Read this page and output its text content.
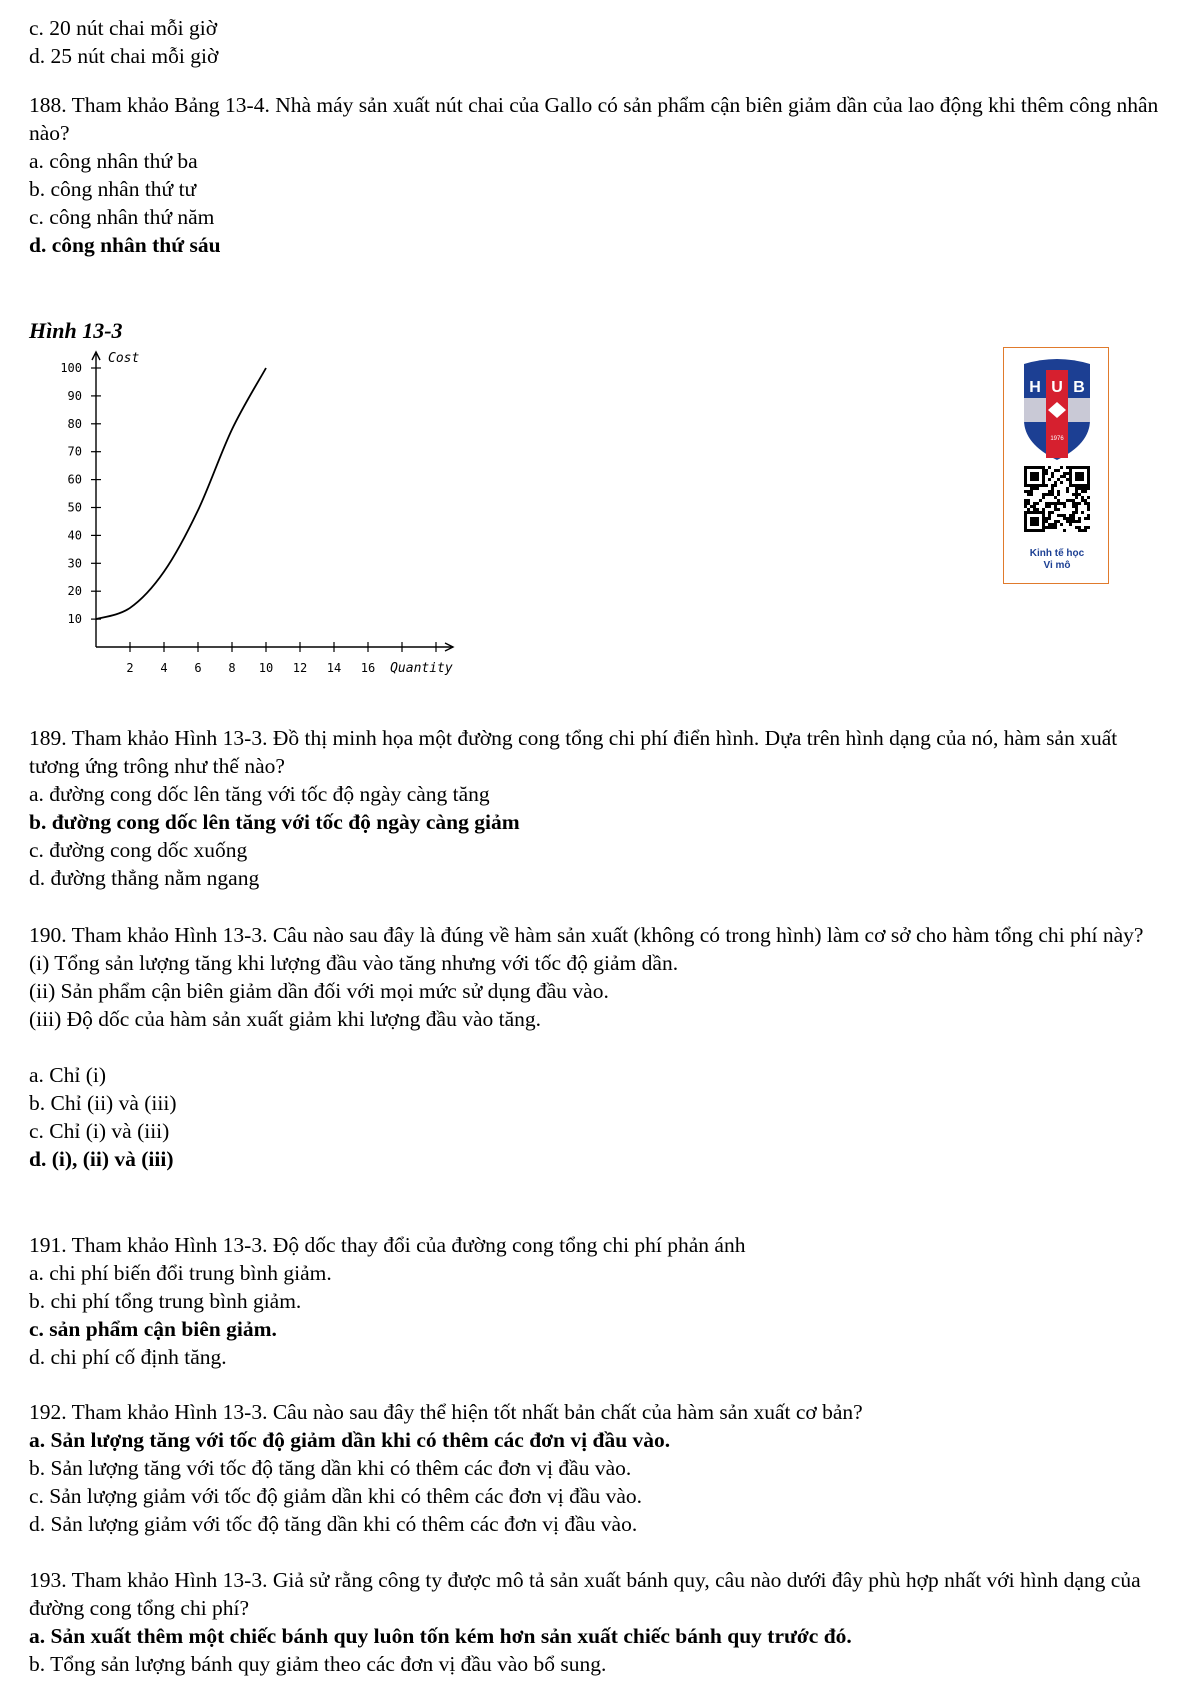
c. 20 nút chai mỗi giờ

d. 25 nút chai mỗi giờ

188. Tham khảo Bảng 13-4. Nhà máy sản xuất nút chai của Gallo có sản phẩm cận biên giảm dần của lao động khi thêm công nhân nào?

a. công nhân thứ ba

b. công nhân thứ tư

c. công nhân thứ năm

d. công nhân thứ sáu

Hình 13-3
10
20
30
40
50
60
70
80
90
100
2 4 6 8 10 12 14 16
Cost
Quantity
H U B
1976
Kinh tế học
Vi mô

189. Tham khảo Hình 13-3. Đồ thị minh họa một đường cong tổng chi phí điển hình. Dựa trên hình dạng của nó, hàm sản xuất tương ứng trông như thế nào?

a. đường cong dốc lên tăng với tốc độ ngày càng tăng

b. đường cong dốc lên tăng với tốc độ ngày càng giảm

c. đường cong dốc xuống

d. đường thẳng nằm ngang

190. Tham khảo Hình 13-3. Câu nào sau đây là đúng về hàm sản xuất (không có trong hình) làm cơ sở cho hàm tổng chi phí này?

(i) Tổng sản lượng tăng khi lượng đầu vào tăng nhưng với tốc độ giảm dần.

(ii) Sản phẩm cận biên giảm dần đối với mọi mức sử dụng đầu vào.

(iii) Độ dốc của hàm sản xuất giảm khi lượng đầu vào tăng.

a. Chỉ (i)

b. Chỉ (ii) và (iii)

c. Chỉ (i) và (iii)

d. (i), (ii) và (iii)

191. Tham khảo Hình 13-3. Độ dốc thay đổi của đường cong tổng chi phí phản ánh

a. chi phí biến đổi trung bình giảm.

b. chi phí tổng trung bình giảm.

c. sản phẩm cận biên giảm.

d. chi phí cố định tăng.

192. Tham khảo Hình 13-3. Câu nào sau đây thể hiện tốt nhất bản chất của hàm sản xuất cơ bản?

a. Sản lượng tăng với tốc độ giảm dần khi có thêm các đơn vị đầu vào.

b. Sản lượng tăng với tốc độ tăng dần khi có thêm các đơn vị đầu vào.

c. Sản lượng giảm với tốc độ giảm dần khi có thêm các đơn vị đầu vào.

d. Sản lượng giảm với tốc độ tăng dần khi có thêm các đơn vị đầu vào.

193. Tham khảo Hình 13-3. Giả sử rằng công ty được mô tả sản xuất bánh quy, câu nào dưới đây phù hợp nhất với hình dạng của đường cong tổng chi phí?

a. Sản xuất thêm một chiếc bánh quy luôn tốn kém hơn sản xuất chiếc bánh quy trước đó.

b. Tổng sản lượng bánh quy giảm theo các đơn vị đầu vào bổ sung.
